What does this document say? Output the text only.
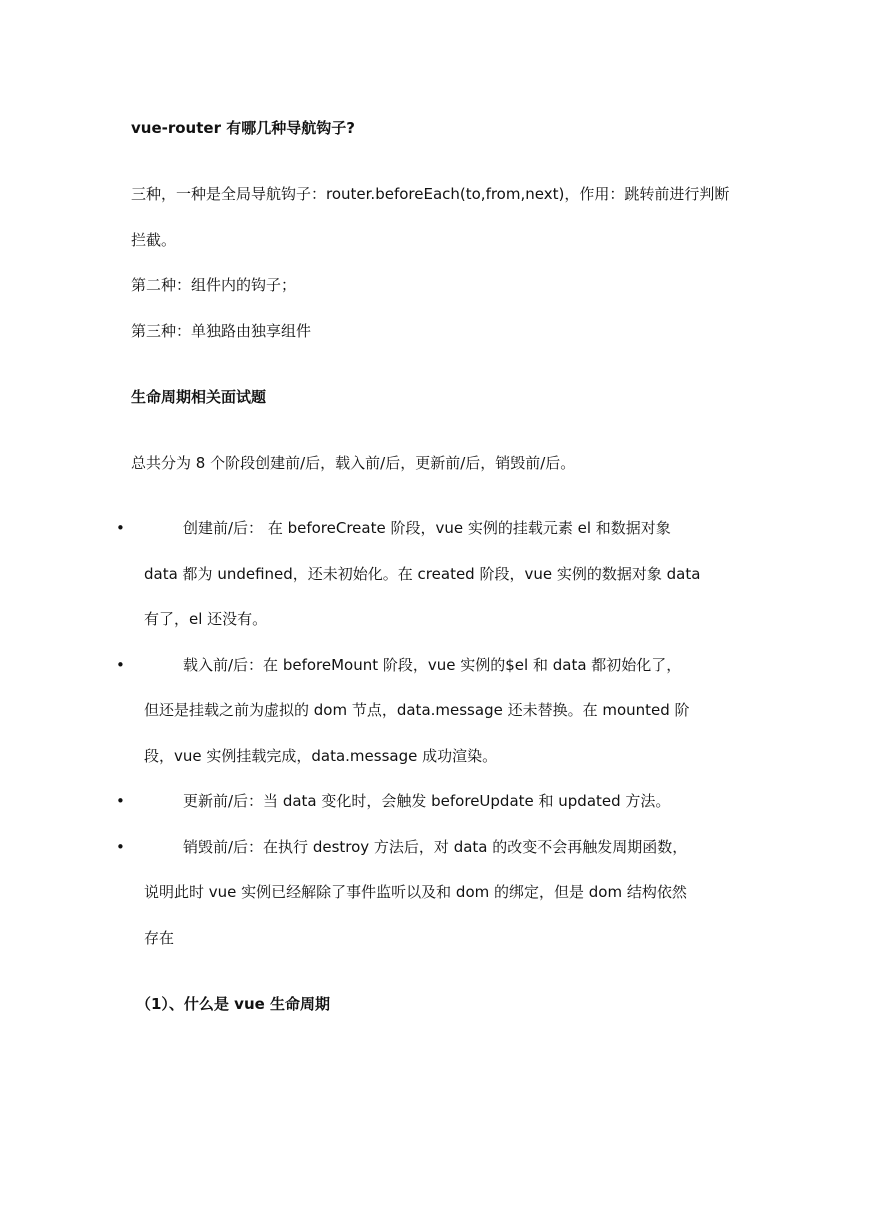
vue-router 有哪几种导航钩子?
三种，一种是全局导航钩子：router.beforeEach(to,from,next)，作用：跳转前进行判断
拦截。
第二种：组件内的钩子；
第三种：单独路由独享组件
生命周期相关面试题
总共分为 8 个阶段创建前/后，载入前/后，更新前/后，销毁前/后。
•	创建前/后： 在 beforeCreate 阶段，vue 实例的挂载元素 el 和数据对象
data 都为 undefined，还未初始化。在 created 阶段，vue 实例的数据对象 data
有了，el 还没有。
•	载入前/后：在 beforeMount 阶段，vue 实例的$el 和 data 都初始化了，
但还是挂载之前为虚拟的 dom 节点，data.message 还未替换。在 mounted 阶
段，vue 实例挂载完成，data.message 成功渲染。
•	更新前/后：当 data 变化时，会触发 beforeUpdate 和 updated 方法。
•	销毁前/后：在执行 destroy 方法后，对 data 的改变不会再触发周期函数，
说明此时 vue 实例已经解除了事件监听以及和 dom 的绑定，但是 dom 结构依然
存在
（1）、什么是 vue 生命周期
